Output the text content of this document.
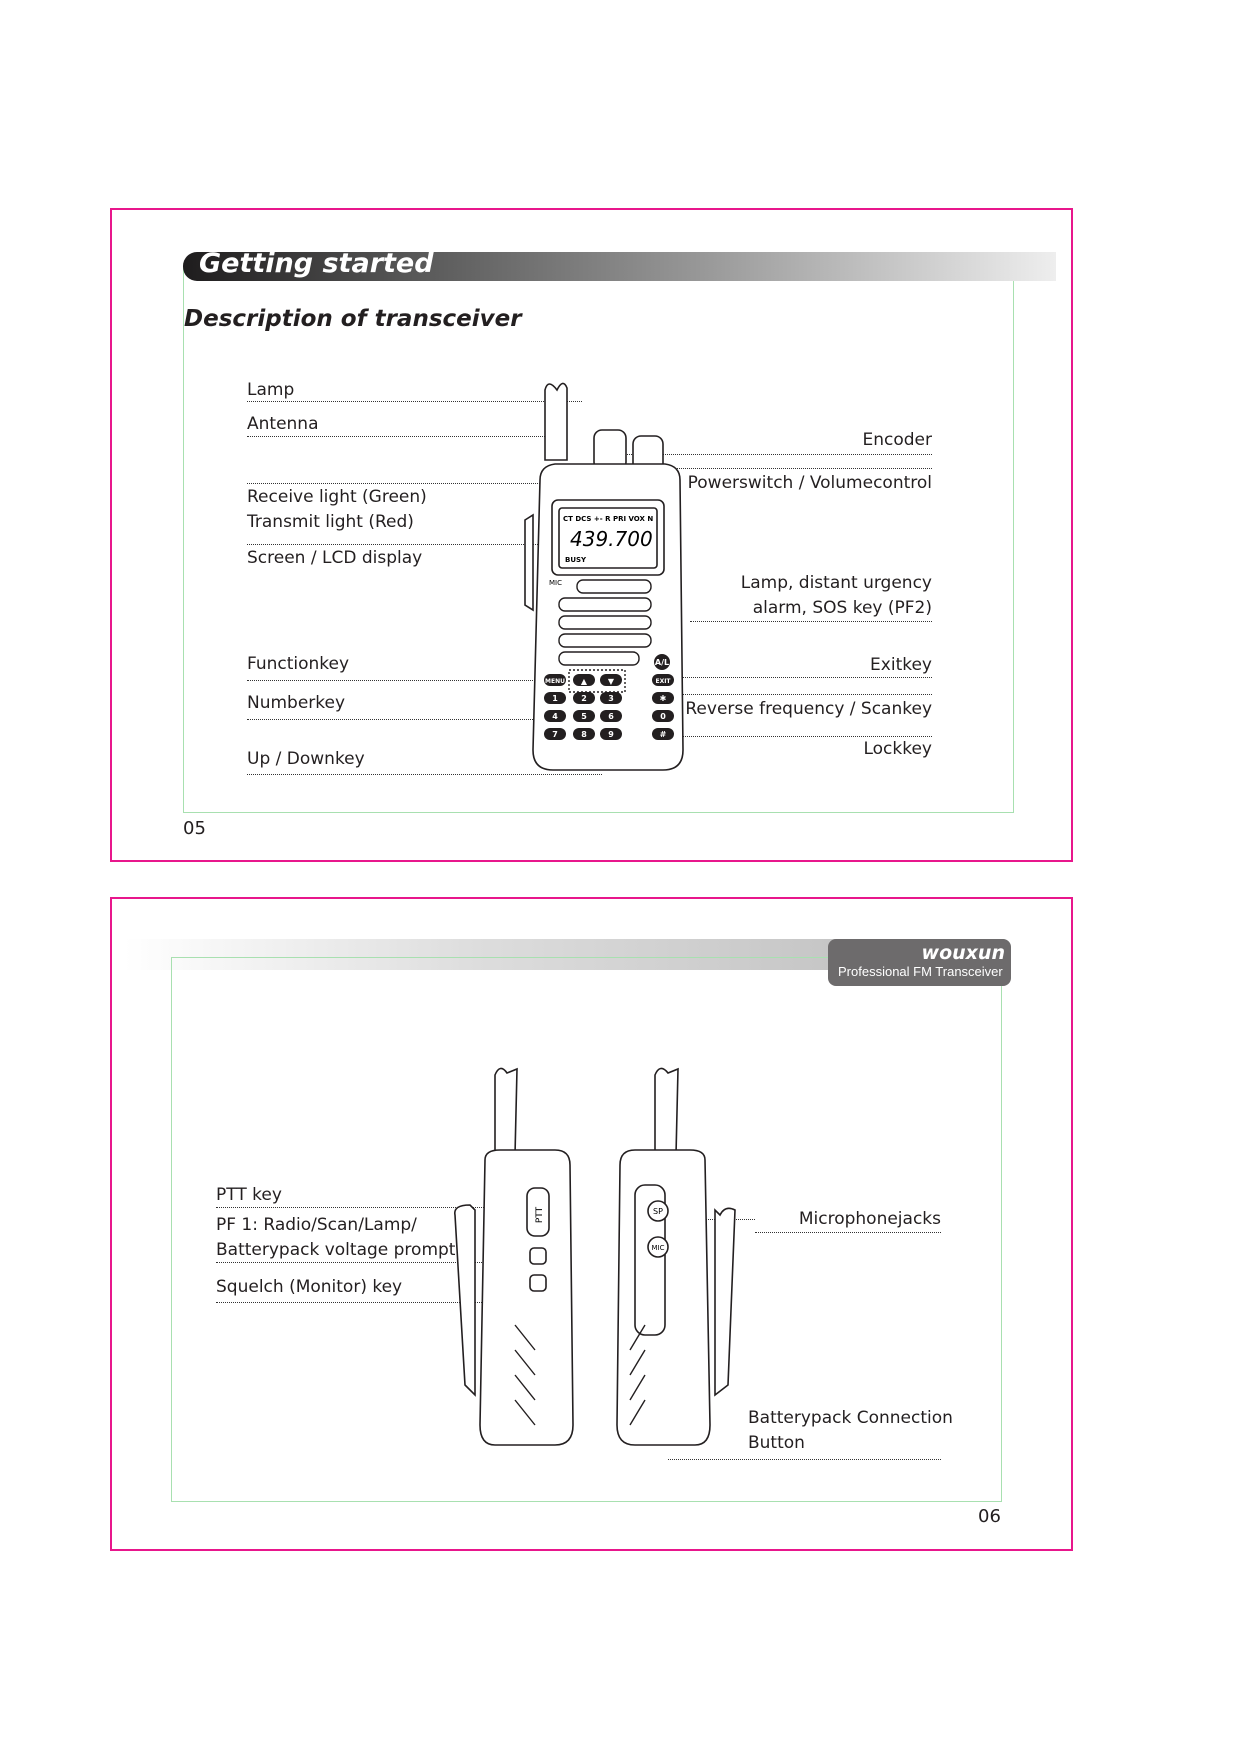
Getting started
Description of transceiver
05
Lamp
Antenna
Receive light (Green)
Transmit light (Red)
Screen / LCD display
Functionkey
Numberkey
Up / Downkey
Encoder
Powerswitch / Volumecontrol
Lamp, distant urgency
alarm, SOS key (PF2)
Exitkey
Reverse frequency / Scankey
Lockkey
CT DCS +- R PRI VOX N
439.700
BUSY
MIC
A/L
MENU ▲	▼	EXIT
1	2	3	✱
4	5	6	0
7	8	9	#
wouxun
Professional FM Transceiver
06
PTT key
PF 1: Radio/Scan/Lamp/
Batterypack voltage prompt
Squelch (Monitor) key
Microphonejacks
Batterypack Connection
Button
PTT	SP
MIC
